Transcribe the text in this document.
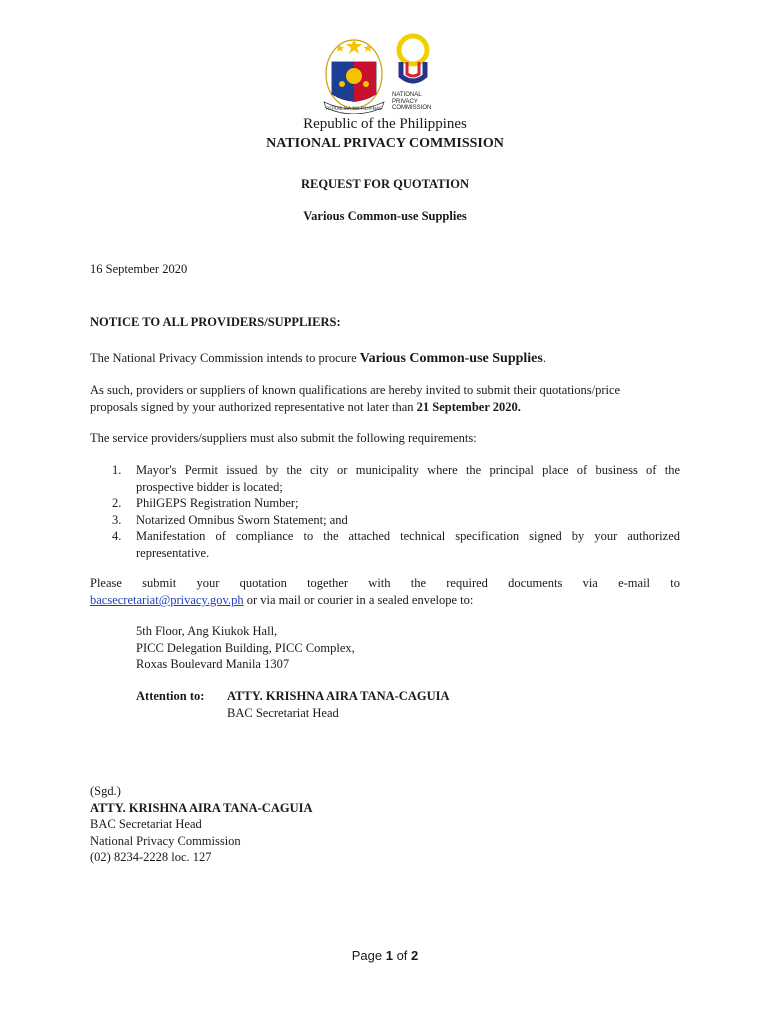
REPUBLIKA NG PILIPINAS
NATIONAL
PRIVACY
COMMISSION
Republic of the Philippines
NATIONAL PRIVACY COMMISSION
REQUEST FOR QUOTATION
Various Common-use Supplies
16 September 2020
NOTICE TO ALL PROVIDERS/SUPPLIERS:
The National Privacy Commission intends to procure Various Common-use Supplies.
As such, providers or suppliers of known qualifications are hereby invited to submit their quotations/price
proposals signed by your authorized representative not later than 21 September 2020.
The service providers/suppliers must also submit the following requirements:
1. Mayor's Permit issued by the city or municipality where the principal place of business of the
prospective bidder is located;
2. PhilGEPS Registration Number;
3. Notarized Omnibus Sworn Statement; and
4. Manifestation of compliance to the attached technical specification signed by your authorized
representative.
Please submit your quotation together with the required documents via e-mail to
bacsecretariat@privacy.gov.ph or via mail or courier in a sealed envelope to:
5th Floor, Ang Kiukok Hall,
PICC Delegation Building, PICC Complex,
Roxas Boulevard Manila 1307
Attention to: ATTY. KRISHNA AIRA TANA-CAGUIA
BAC Secretariat Head
(Sgd.)
ATTY. KRISHNA AIRA TANA-CAGUIA
BAC Secretariat Head
National Privacy Commission
(02) 8234-2228 loc. 127
Page 1 of 2
